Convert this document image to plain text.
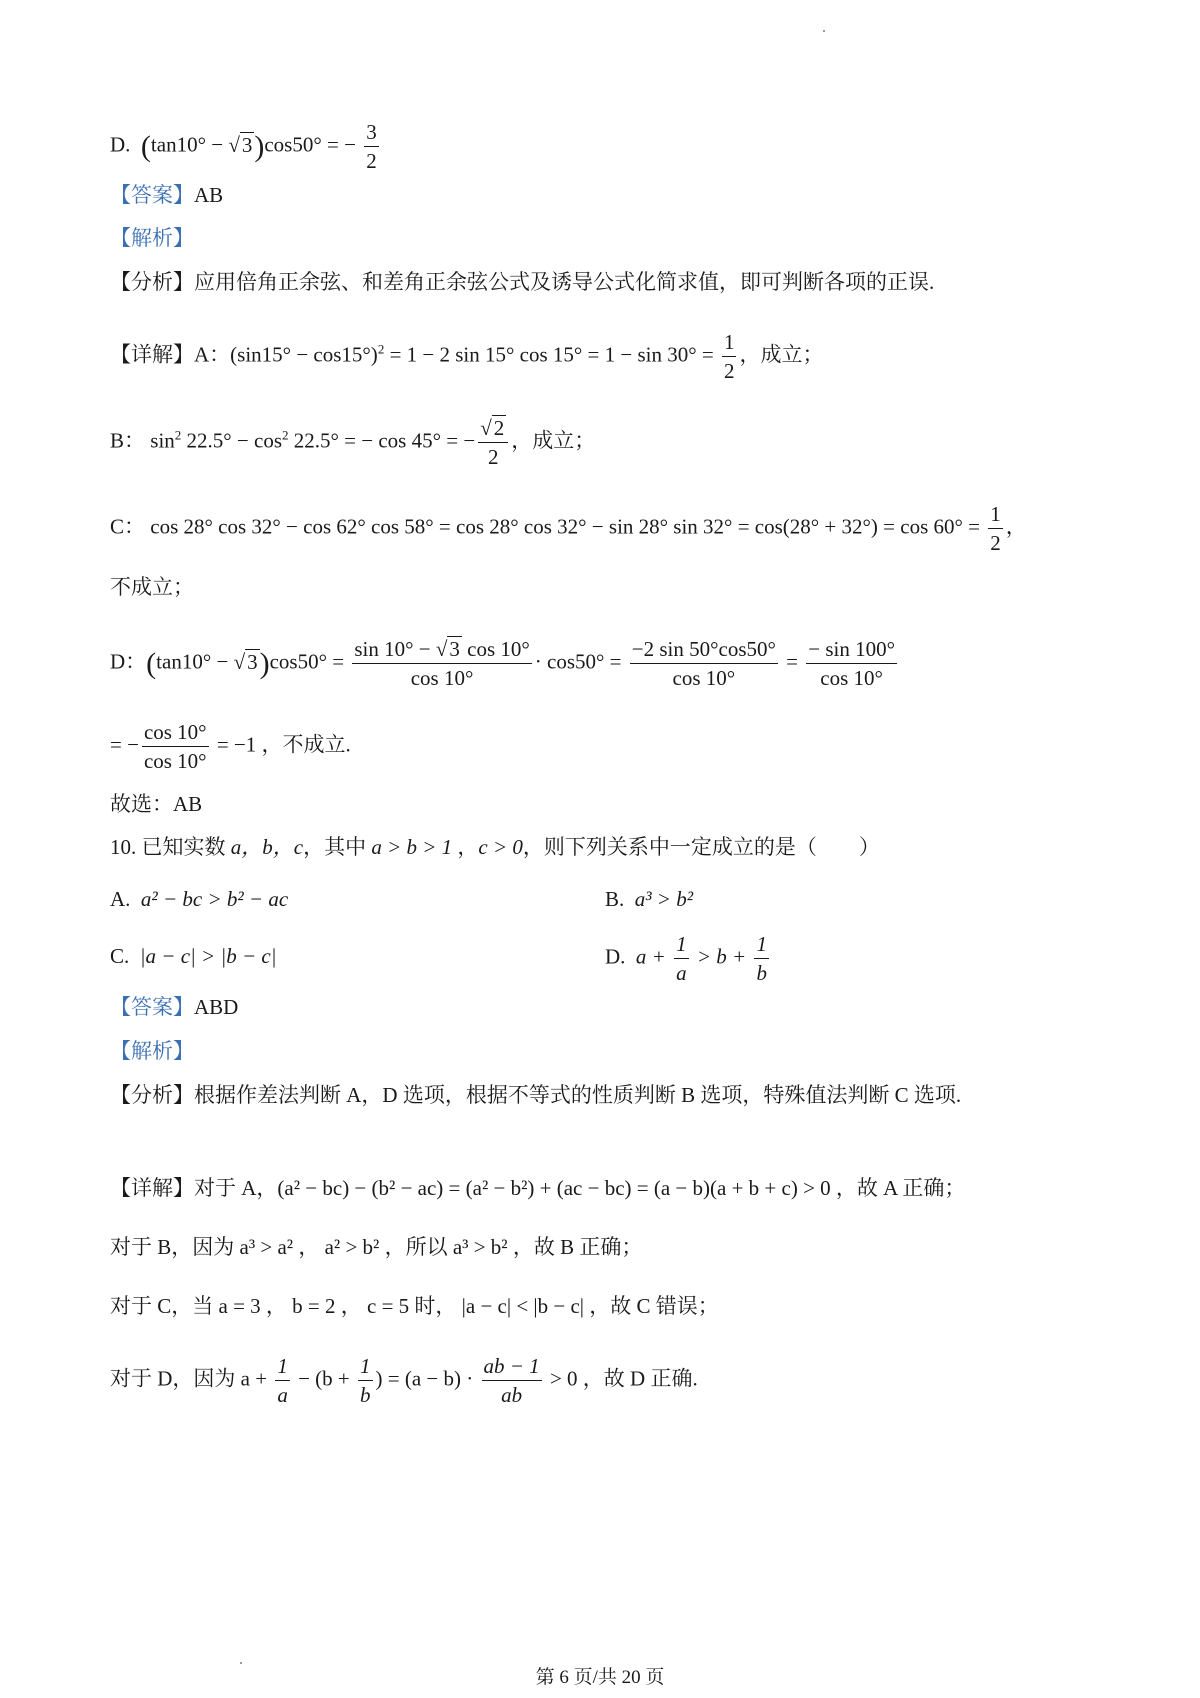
D. (tan10° − √3)cos50° = − $\frac{3}{2}$
【答案】AB
【解析】
【分析】应用倍角正余弦、和差角正余弦公式及诱导公式化简求值，即可判断各项的正误.
【详解】A：$(\sin 15^\circ - \cos 15^\circ)^2 = 1 - 2$ sin 15° $\cos 15^\circ = 1 - \sin 30^\circ = \frac{1}{2}$ ，成立；
B： $\sin^2 22.5^\circ - \cos^2 22.5^\circ$ = − cos 45° = − $\frac{√2}{2}$ ，成立；
C： cos 28° cos 32° − cos 62° cos 58° = cos 28° cos 32° − sin 28° $\sin 32^\circ = \cos(28^\circ + 32^\circ) = \cos 60^\circ = \frac{1}{2}$ ，
不成立；
D：$(\tan 10^\circ - √3)\cos 50^\circ = \frac{\sin 10^\circ - √3 \cos 10^\circ}{\cos 10^\circ} \cdot \cos 50^\circ = \frac{-2 \sin 50^\circ\cos 50^\circ}{\cos 10^\circ} = \frac{- \sin 100^\circ}{\cos 10^\circ}$
= − $\frac{\cos 10^\circ}{\cos 10^\circ} = -1$ ，不成立.
故选：AB
10. 已知实数 a，b，c，其中 a > b > 1 ，c > 0，则下列关系中一定成立的是（　　）
A. a² − bc > b² − ac	B. a³ > b²
C. |a − c| > |b − c|	D. $a + \frac{1}{a} > b + \frac{1}{b}$
【答案】ABD
【解析】
【分析】根据作差法判断 A，D 选项，根据不等式的性质判断 B 选项，特殊值法判断 C 选项.
【详解】对于 A，(a² − bc) − (b² − ac) = (a² − b²) + (ac − bc) = (a − b)(a + b + c) > 0 ，故 A 正确；
对于 B，因为 a³ > a² ， a² > b² ，所以 a³ > b² ，故 B 正确；
对于 C，当 a = 3 ， b = 2 ， c = 5 时， |a − c| < |b − c| ，故 C 错误；
对于 D，因为 $a + \frac{1}{a} - (b + \frac{1}{b}$ ) = $(a - b) \cdot \frac{ab - 1}{ab} > 0$ ，故 D 正确.
第 6 页/共 20 页
